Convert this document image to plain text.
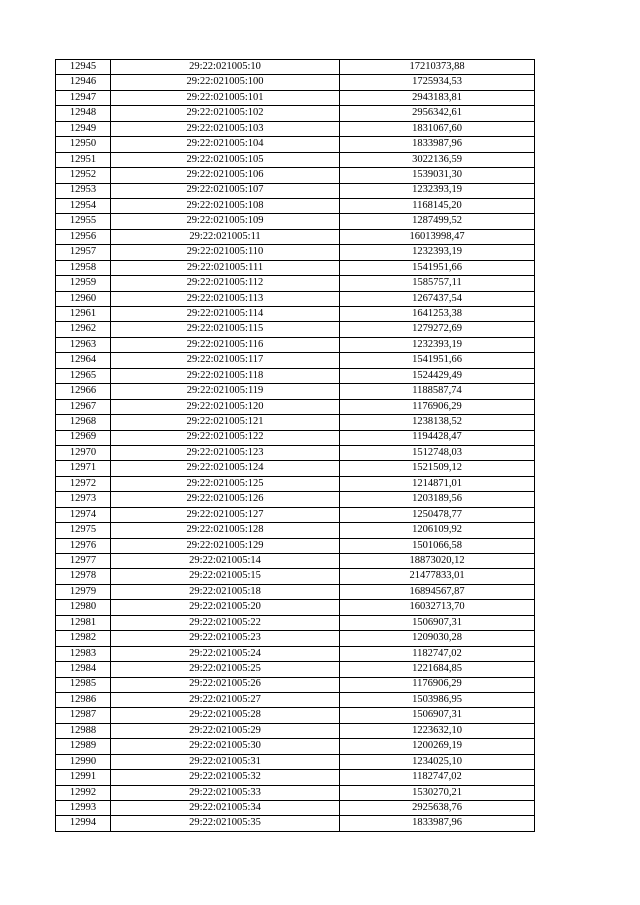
12945	29:22:021005:10	17210373,88
12946	29:22:021005:100	1725934,53
12947	29:22:021005:101	2943183,81
12948	29:22:021005:102	2956342,61
12949	29:22:021005:103	1831067,60
12950	29:22:021005:104	1833987,96
12951	29:22:021005:105	3022136,59
12952	29:22:021005:106	1539031,30
12953	29:22:021005:107	1232393,19
12954	29:22:021005:108	1168145,20
12955	29:22:021005:109	1287499,52
12956	29:22:021005:11	16013998,47
12957	29:22:021005:110	1232393,19
12958	29:22:021005:111	1541951,66
12959	29:22:021005:112	1585757,11
12960	29:22:021005:113	1267437,54
12961	29:22:021005:114	1641253,38
12962	29:22:021005:115	1279272,69
12963	29:22:021005:116	1232393,19
12964	29:22:021005:117	1541951,66
12965	29:22:021005:118	1524429,49
12966	29:22:021005:119	1188587,74
12967	29:22:021005:120	1176906,29
12968	29:22:021005:121	1238138,52
12969	29:22:021005:122	1194428,47
12970	29:22:021005:123	1512748,03
12971	29:22:021005:124	1521509,12
12972	29:22:021005:125	1214871,01
12973	29:22:021005:126	1203189,56
12974	29:22:021005:127	1250478,77
12975	29:22:021005:128	1206109,92
12976	29:22:021005:129	1501066,58
12977	29:22:021005:14	18873020,12
12978	29:22:021005:15	21477833,01
12979	29:22:021005:18	16894567,87
12980	29:22:021005:20	16032713,70
12981	29:22:021005:22	1506907,31
12982	29:22:021005:23	1209030,28
12983	29:22:021005:24	1182747,02
12984	29:22:021005:25	1221684,85
12985	29:22:021005:26	1176906,29
12986	29:22:021005:27	1503986,95
12987	29:22:021005:28	1506907,31
12988	29:22:021005:29	1223632,10
12989	29:22:021005:30	1200269,19
12990	29:22:021005:31	1234025,10
12991	29:22:021005:32	1182747,02
12992	29:22:021005:33	1530270,21
12993	29:22:021005:34	2925638,76
12994	29:22:021005:35	1833987,96
